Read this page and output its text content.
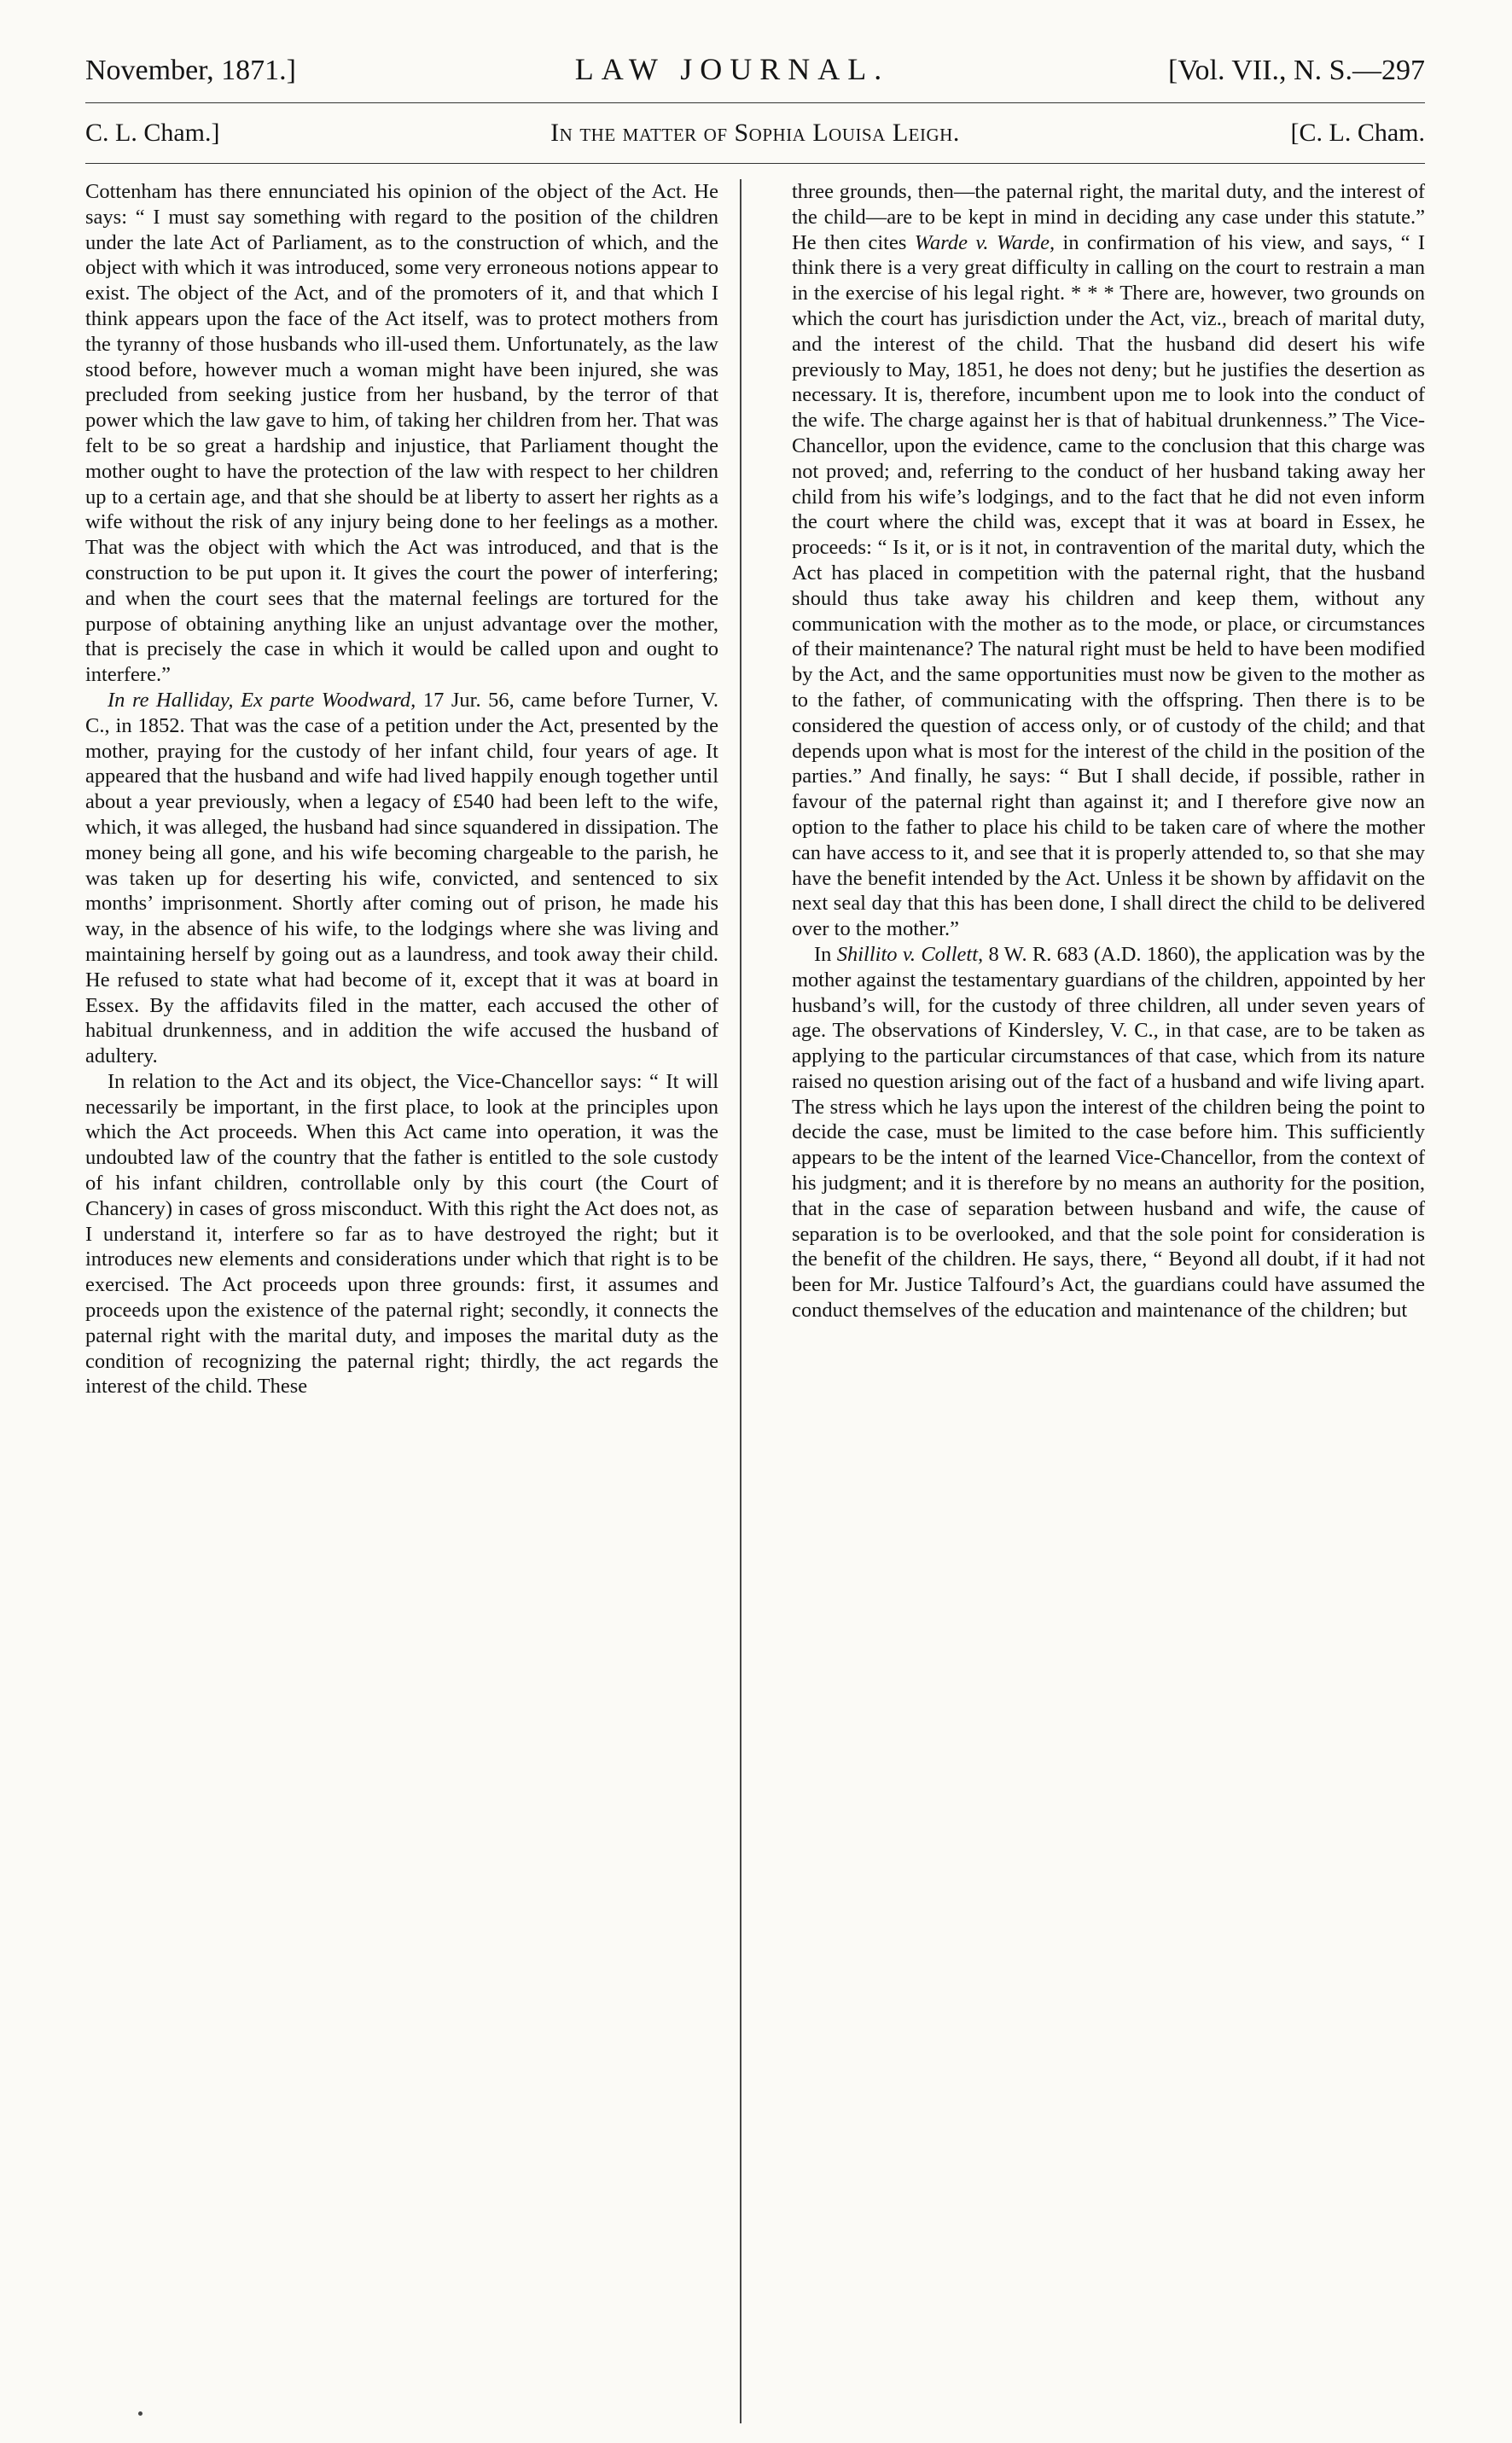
November, 1871.]	LAW JOURNAL.	[Vol. VII., N. S.—297
C. L. Cham.]	In the matter of Sophia Louisa Leigh.	[C. L. Cham.

Cottenham has there ennunciated his opinion of the object of the Act. He says: “ I must say something with regard to the position of the children under the late Act of Parliament, as to the construction of which, and the object with which it was introduced, some very erroneous notions appear to exist. The object of the Act, and of the promoters of it, and that which I think appears upon the face of the Act itself, was to protect mothers from the tyranny of those husbands who ill-used them. Unfortunately, as the law stood before, however much a woman might have been injured, she was precluded from seeking justice from her husband, by the terror of that power which the law gave to him, of taking her children from her. That was felt to be so great a hardship and injustice, that Parliament thought the mother ought to have the protection of the law with respect to her children up to a certain age, and that she should be at liberty to assert her rights as a wife without the risk of any injury being done to her feelings as a mother. That was the object with which the Act was introduced, and that is the construction to be put upon it. It gives the court the power of interfering; and when the court sees that the maternal feelings are tortured for the purpose of obtaining anything like an unjust advantage over the mother, that is precisely the case in which it would be called upon and ought to interfere.”

In re Halliday, Ex parte Woodward, 17 Jur. 56, came before Turner, V. C., in 1852. That was the case of a petition under the Act, presented by the mother, praying for the custody of her infant child, four years of age. It appeared that the husband and wife had lived happily enough together until about a year previously, when a legacy of £540 had been left to the wife, which, it was alleged, the husband had since squandered in dissipation. The money being all gone, and his wife becoming chargeable to the parish, he was taken up for deserting his wife, convicted, and sentenced to six months’ imprisonment. Shortly after coming out of prison, he made his way, in the absence of his wife, to the lodgings where she was living and maintaining herself by going out as a laundress, and took away their child. He refused to state what had become of it, except that it was at board in Essex. By the affidavits filed in the matter, each accused the other of habitual drunkenness, and in addition the wife accused the husband of adultery.

In relation to the Act and its object, the Vice-Chancellor says: “ It will necessarily be important, in the first place, to look at the principles upon which the Act proceeds. When this Act came into operation, it was the undoubted law of the country that the father is entitled to the sole custody of his infant children, controllable only by this court (the Court of Chancery) in cases of gross misconduct. With this right the Act does not, as I understand it, interfere so far as to have destroyed the right; but it introduces new elements and considerations under which that right is to be exercised. The Act proceeds upon three grounds: first, it assumes and proceeds upon the existence of the paternal right; secondly, it connects the paternal right with the marital duty, and imposes the marital duty as the condition of recognizing the paternal right; thirdly, the act regards the interest of the child. These

three grounds, then—the paternal right, the marital duty, and the interest of the child—are to be kept in mind in deciding any case under this statute.” He then cites Warde v. Warde, in confirmation of his view, and says, “ I think there is a very great difficulty in calling on the court to restrain a man in the exercise of his legal right. * * * There are, however, two grounds on which the court has jurisdiction under the Act, viz., breach of marital duty, and the interest of the child. That the husband did desert his wife previously to May, 1851, he does not deny; but he justifies the desertion as necessary. It is, therefore, incumbent upon me to look into the conduct of the wife. The charge against her is that of habitual drunkenness.” The Vice-Chancellor, upon the evidence, came to the conclusion that this charge was not proved; and, referring to the conduct of her husband taking away her child from his wife’s lodgings, and to the fact that he did not even inform the court where the child was, except that it was at board in Essex, he proceeds: “ Is it, or is it not, in contravention of the marital duty, which the Act has placed in competition with the paternal right, that the husband should thus take away his children and keep them, without any communication with the mother as to the mode, or place, or circumstances of their maintenance? The natural right must be held to have been modified by the Act, and the same opportunities must now be given to the mother as to the father, of communicating with the offspring. Then there is to be considered the question of access only, or of custody of the child; and that depends upon what is most for the interest of the child in the position of the parties.” And finally, he says: “ But I shall decide, if possible, rather in favour of the paternal right than against it; and I therefore give now an option to the father to place his child to be taken care of where the mother can have access to it, and see that it is properly attended to, so that she may have the benefit intended by the Act. Unless it be shown by affidavit on the next seal day that this has been done, I shall direct the child to be delivered over to the mother.”

In Shillito v. Collett, 8 W. R. 683 (A.D. 1860), the application was by the mother against the testamentary guardians of the children, appointed by her husband’s will, for the custody of three children, all under seven years of age. The observations of Kindersley, V. C., in that case, are to be taken as applying to the particular circumstances of that case, which from its nature raised no question arising out of the fact of a husband and wife living apart. The stress which he lays upon the interest of the children being the point to decide the case, must be limited to the case before him. This sufficiently appears to be the intent of the learned Vice-Chancellor, from the context of his judgment; and it is therefore by no means an authority for the position, that in the case of separation between husband and wife, the cause of separation is to be overlooked, and that the sole point for consideration is the benefit of the children. He says, there, “ Beyond all doubt, if it had not been for Mr. Justice Talfourd’s Act, the guardians could have assumed the conduct themselves of the education and maintenance of the children; but
